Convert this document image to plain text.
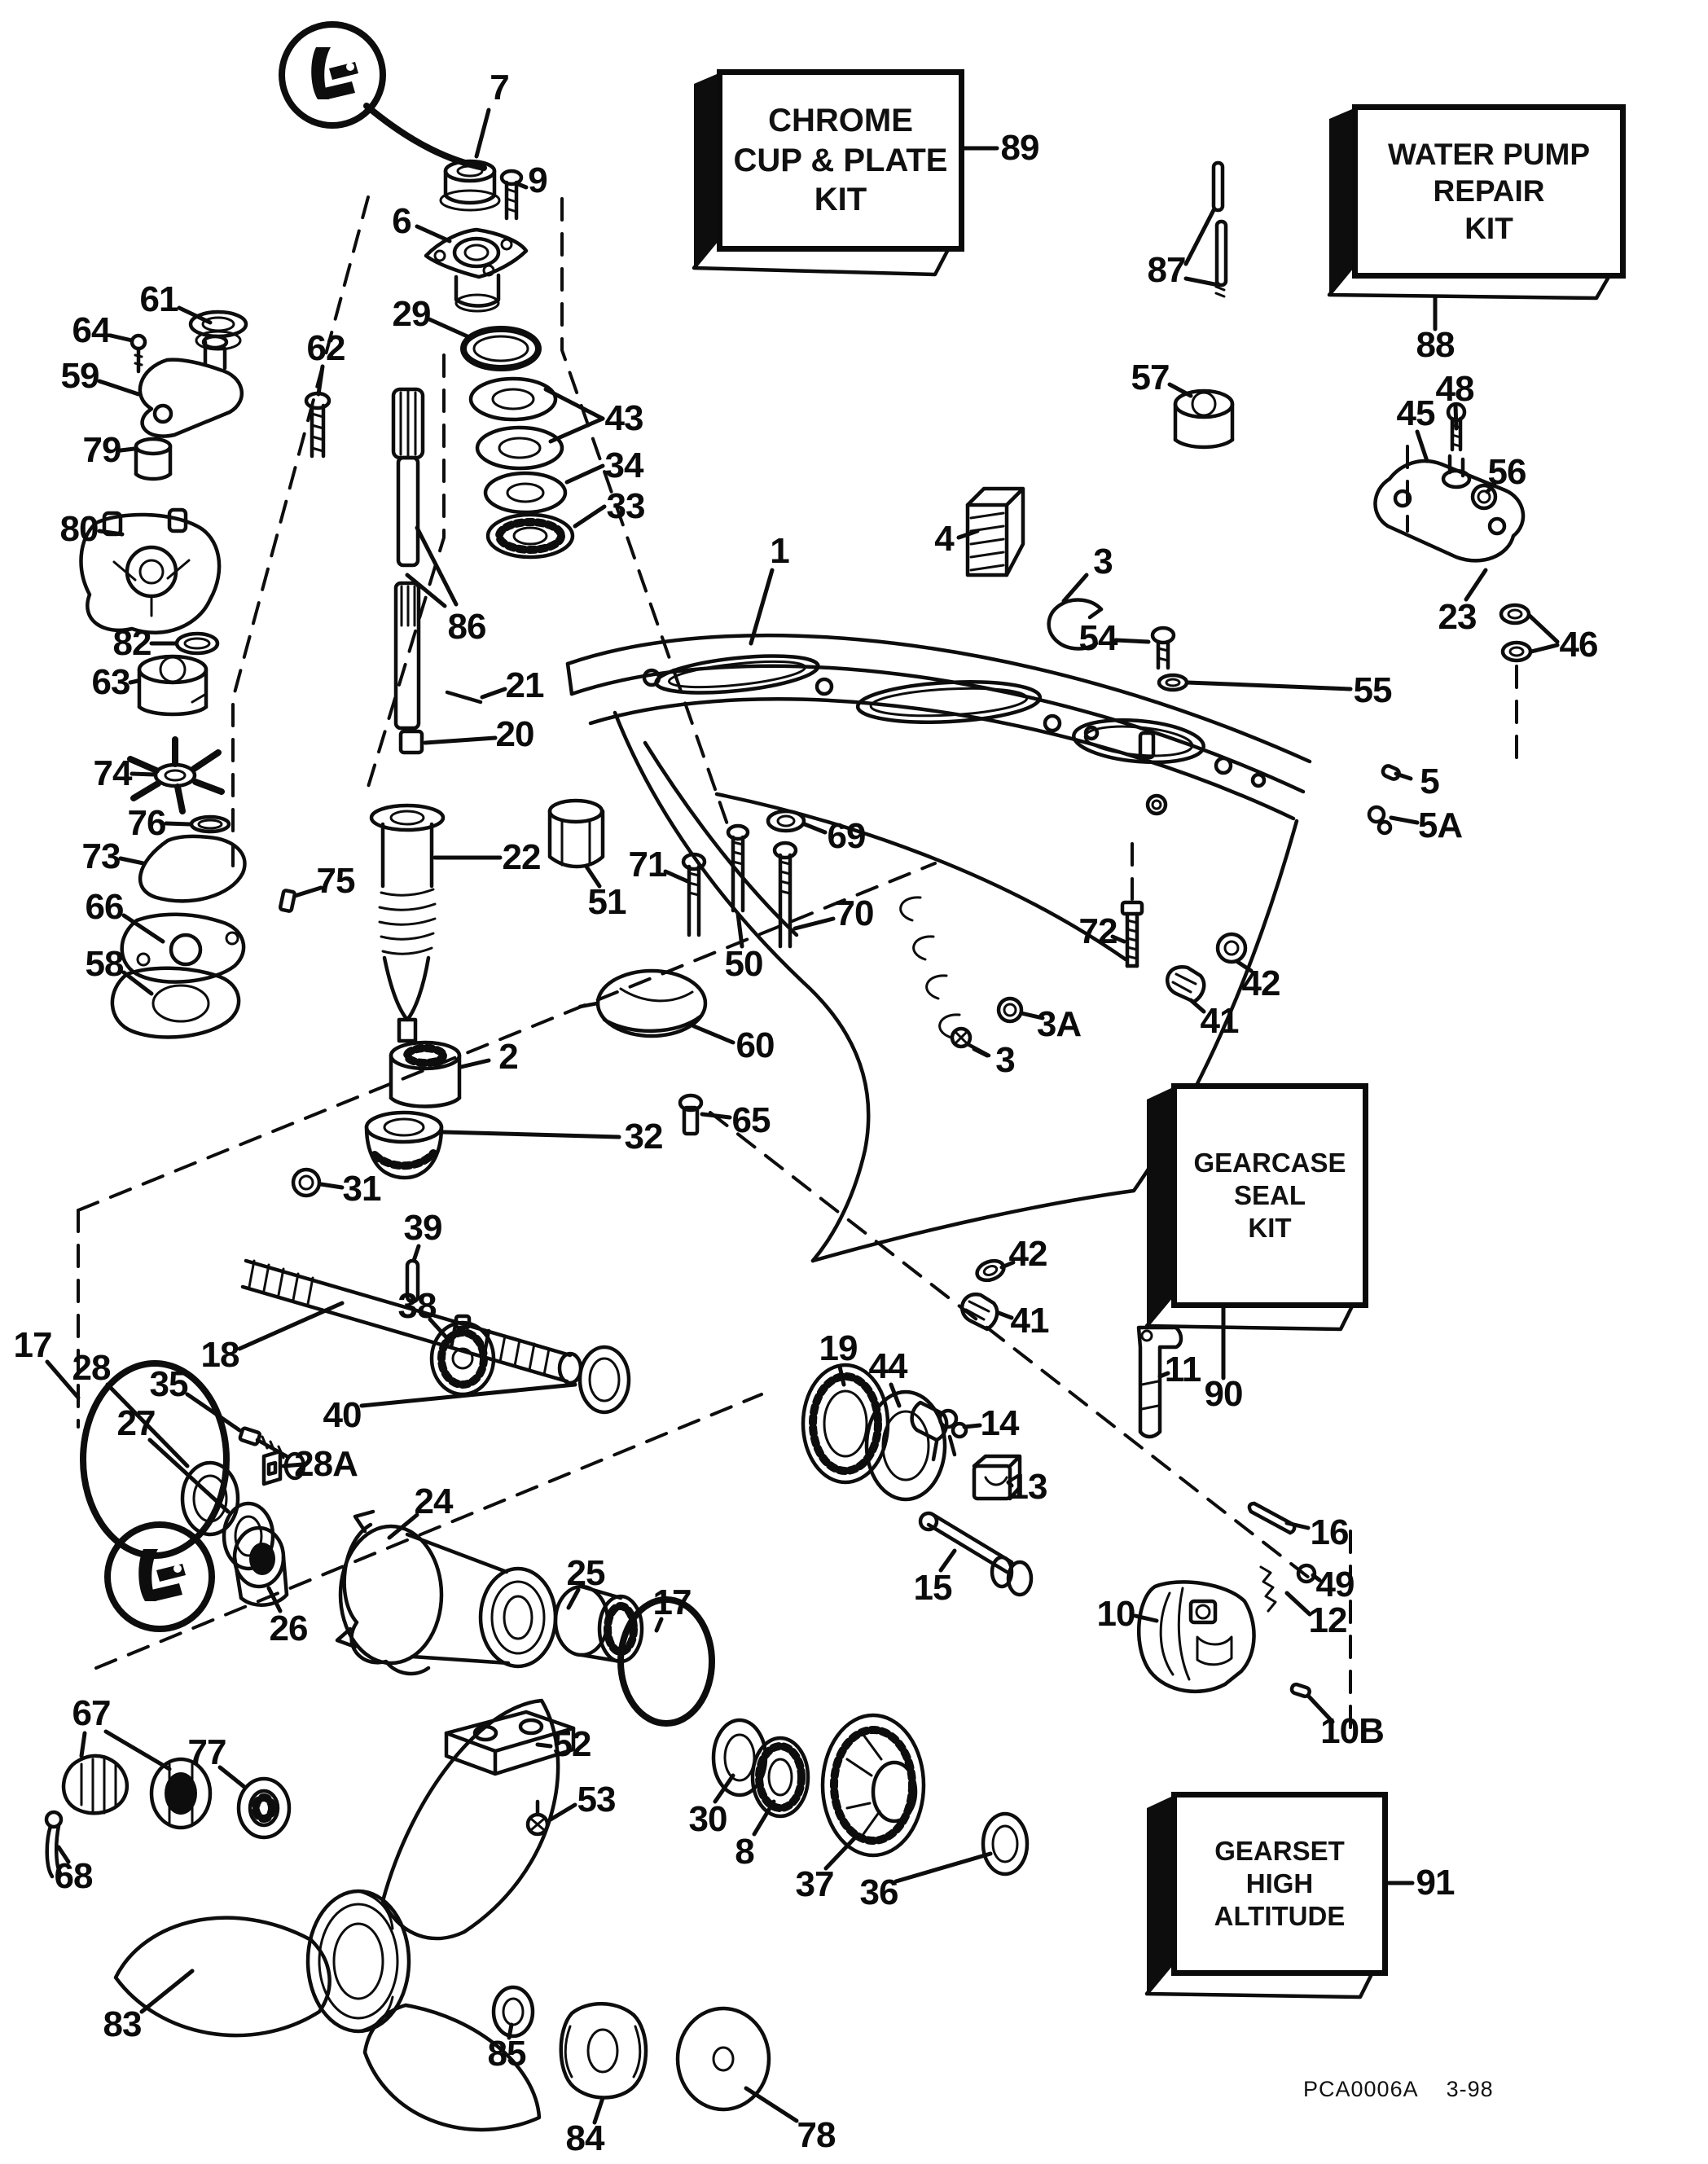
7
9
6
29
43
34
33
86
21
20
22
2
31
32
51
71
50
70
69
1	4
3
54
55
5
5A
23
46
45
48
56
57
87
88
89
62
61
64
59
79
80
82
63
74
76
73
75
66
58
72
42
41
3A
3
42
41
11
90
14
13
19 44
16
49
12
10
10B
15
39
38
18
17
28 35
27	40
28A
24
26
25
17
52
53 30
8
37 36
67
77
68
83
85
84	78
60
65
91
CHROME
CUP & PLATE
KIT
WATER PUMP
REPAIR
KIT
GEARCASE
SEAL
KIT
GEARSET
HIGH
ALTITUDE
PCA0006A 3-98
